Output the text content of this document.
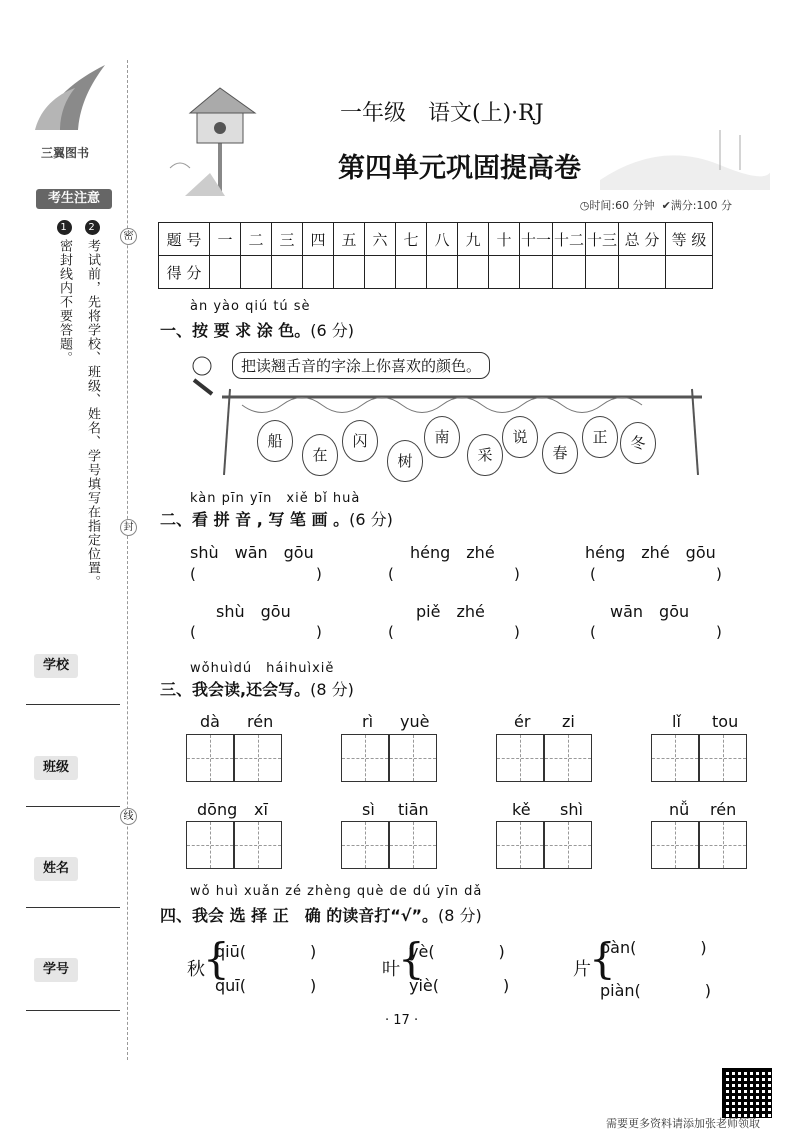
三翼图书
考生注意
1密封线内不要答题。
2考试前，先将学校、班级、姓名、学号填写在指定位置。
学校
班级
姓名
学号
密
封
线
一年级　语文(上)·RJ
第四单元巩固提高卷
◷时间:60 分钟 ✔满分:100 分
题 号	一	二	三	四	五	六	七	八	九	十	十一	十二	十三	总 分	等 级
得 分															
àn yào qiú tú sè
一、按 要 求 涂 色。(6 分)
把读翘舌音的字涂上你喜欢的颜色。
船
在
闪
树
南
采
说
春
正	冬
kàn pīn yīn　xiě bǐ huà
二、看 拼 音 , 写 笔 画 。(6 分)
shù　wān　gōu
(	)
héng　zhé
(	)
héng　zhé　gōu
(	)
shù　gōu
(	)
piě　zhé
(	)
wān　gōu
(	)
wǒhuìdú　háihuìxiě
三、我会读,还会写。(8 分)
dà rén	rì yuè	ér zi	lǐ tou
dōng xī	sì tiān	kě shì	nǚ rén
wǒ huì xuǎn zé zhèng què de dú yīn dǎ
四、我会 选 择 正　确 的读音打“√”。(8 分)
秋
{
qiū(　　　　)
quī(　　　　)
叶
{
yè(　　　　)
yiè(　　　　)
片
{
pàn(　　　　)
piàn(　　　　)
· 17 ·
需要更多资料请添加张老师领取
